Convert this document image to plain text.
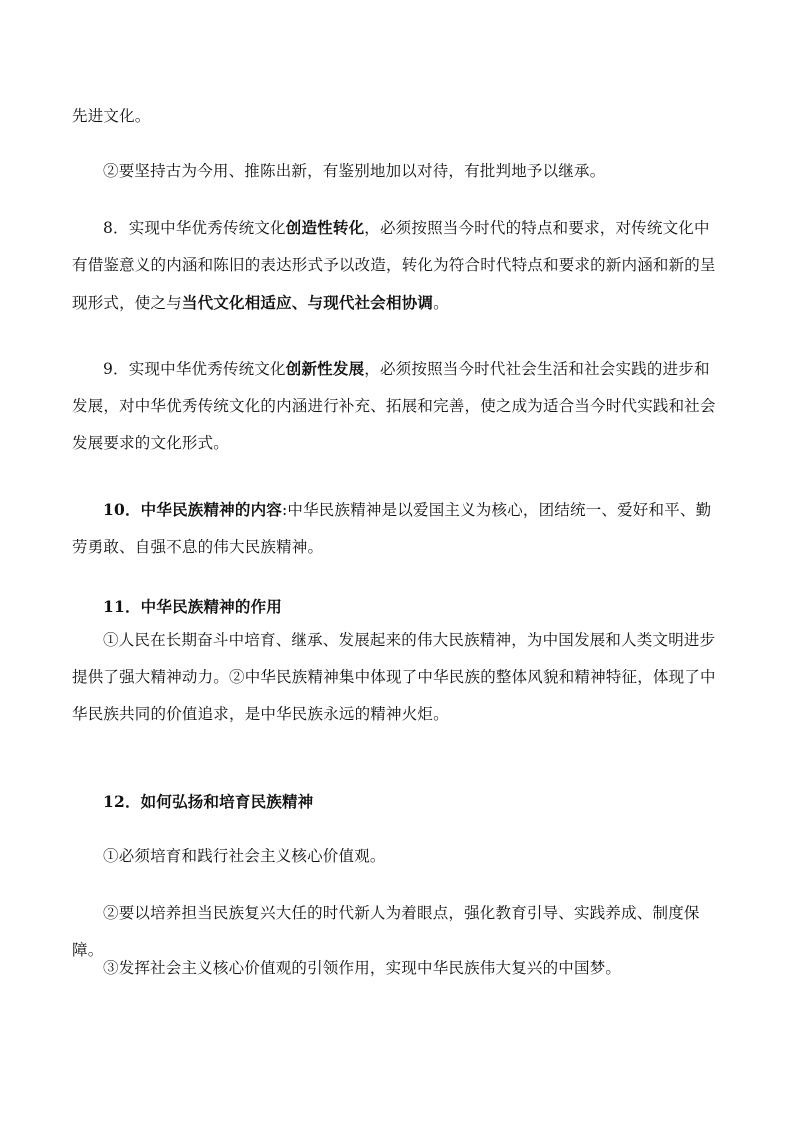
先进文化。

②要坚持古为今用、推陈出新，有鉴别地加以对待，有批判地予以继承。

8．实现中华优秀传统文化创造性转化，必须按照当今时代的特点和要求，对传统文化中有借鉴意义的内涵和陈旧的表达形式予以改造，转化为符合时代特点和要求的新内涵和新的呈现形式，使之与当代文化相适应、与现代社会相协调。

9．实现中华优秀传统文化创新性发展，必须按照当今时代社会生活和社会实践的进步和发展，对中华优秀传统文化的内涵进行补充、拓展和完善，使之成为适合当今时代实践和社会发展要求的文化形式。

10．中华民族精神的内容:中华民族精神是以爱国主义为核心，团结统一、爱好和平、勤劳勇敢、自强不息的伟大民族精神。

11．中华民族精神的作用

①人民在长期奋斗中培育、继承、发展起来的伟大民族精神，为中国发展和人类文明进步提供了强大精神动力。②中华民族精神集中体现了中华民族的整体风貌和精神特征，体现了中华民族共同的价值追求，是中华民族永远的精神火炬。

12．如何弘扬和培育民族精神

①必须培育和践行社会主义核心价值观。

②要以培养担当民族复兴大任的时代新人为着眼点，强化教育引导、实践养成、制度保障。

③发挥社会主义核心价值观的引领作用，实现中华民族伟大复兴的中国梦。
